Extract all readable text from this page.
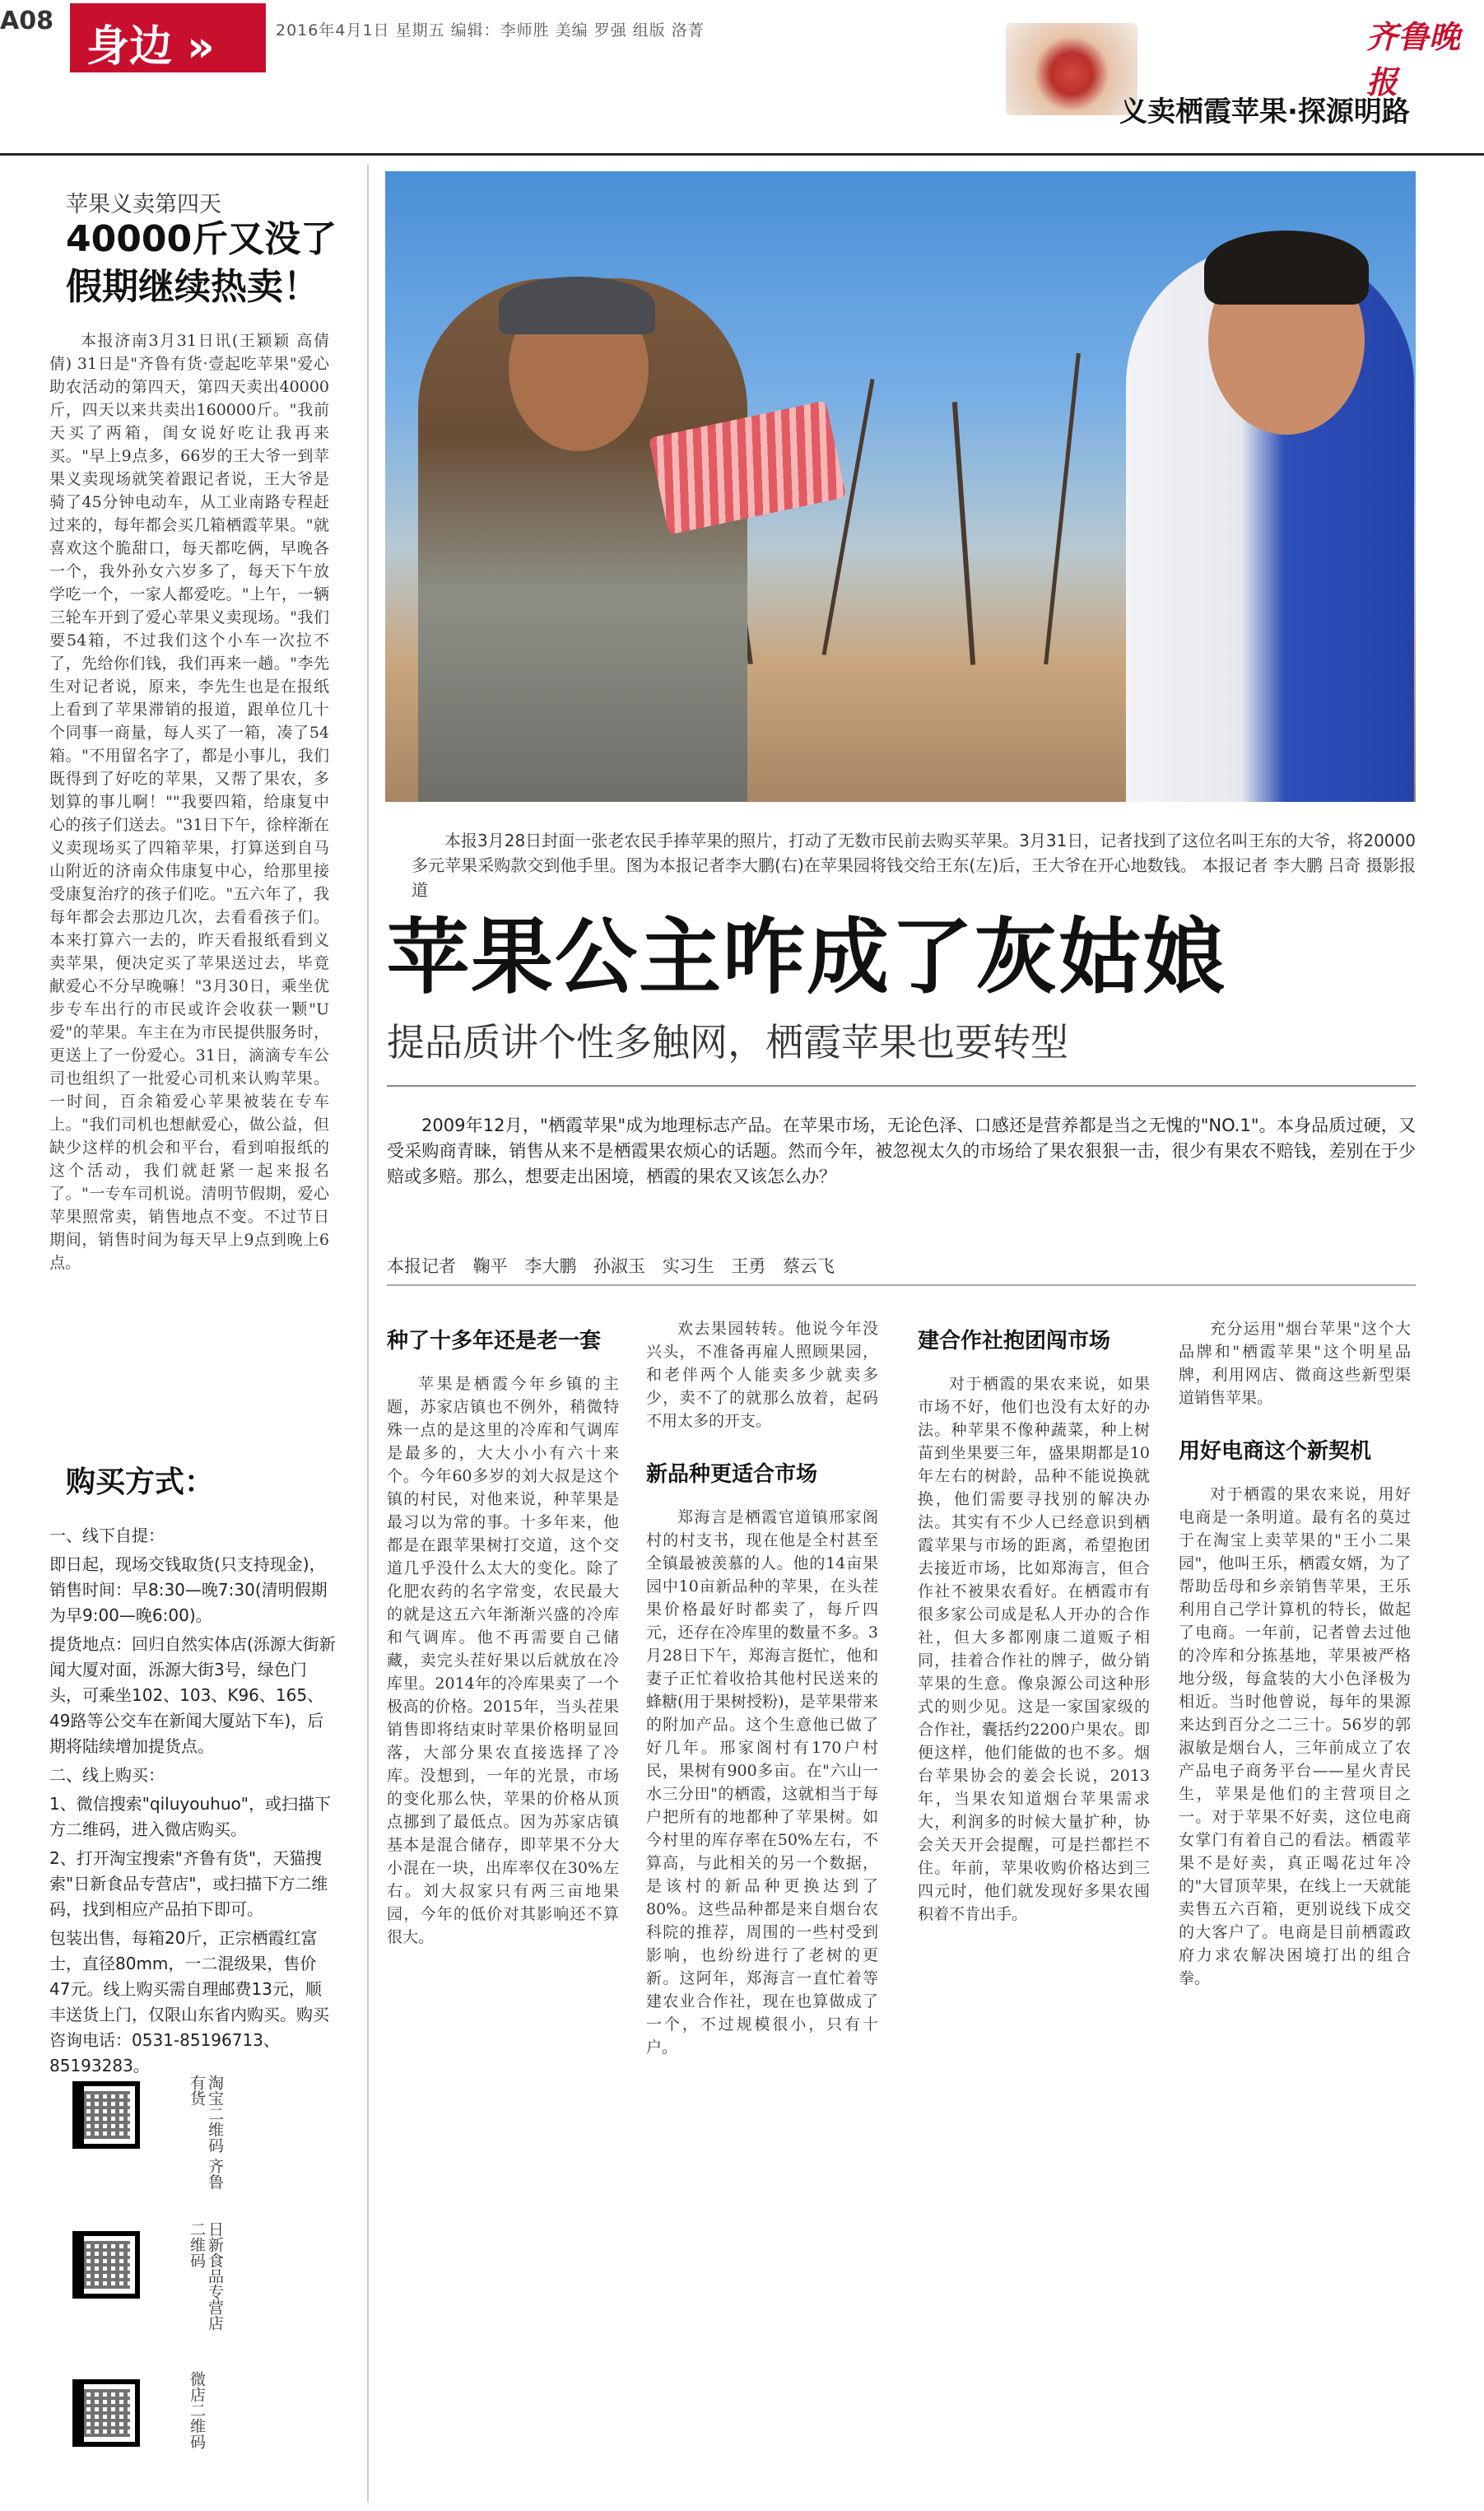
A08
身边 »	2016年4月1日 星期五 编辑：李师胜 美编 罗强 组版 洛菁	齐鲁晚报
义卖栖霞苹果·探源明路
苹果义卖第四天
40000斤又没了 假期继续热卖！
本报济南3月31日讯(王颖颖 高倩倩) 31日是"齐鲁有货·壹起吃苹果"爱心助农活动的第四天，第四天卖出40000斤，四天以来共卖出160000斤。"我前天买了两箱，闺女说好吃让我再来买。"早上9点多，66岁的王大爷一到苹果义卖现场就笑着跟记者说，王大爷是骑了45分钟电动车，从工业南路专程赶过来的，每年都会买几箱栖霞苹果。"就喜欢这个脆甜口，每天都吃俩，早晚各一个，我外孙女六岁多了，每天下午放学吃一个，一家人都爱吃。"上午，一辆三轮车开到了爱心苹果义卖现场。"我们要54箱，不过我们这个小车一次拉不了，先给你们钱，我们再来一趟。"李先生对记者说，原来，李先生也是在报纸上看到了苹果滞销的报道，跟单位几十个同事一商量，每人买了一箱，凑了54箱。"不用留名字了，都是小事儿，我们既得到了好吃的苹果，又帮了果农，多划算的事儿啊！""我要四箱，给康复中心的孩子们送去。"31日下午，徐梓渐在义卖现场买了四箱苹果，打算送到自马山附近的济南众伟康复中心，给那里接受康复治疗的孩子们吃。"五六年了，我每年都会去那边几次，去看看孩子们。本来打算六一去的，昨天看报纸看到义卖苹果，便决定买了苹果送过去，毕竟献爱心不分早晚嘛！"3月30日，乘坐优步专车出行的市民或许会收获一颗"U爱"的苹果。车主在为市民提供服务时，更送上了一份爱心。31日，滴滴专车公司也组织了一批爱心司机来认购苹果。一时间，百余箱爱心苹果被装在专车上。"我们司机也想献爱心，做公益，但缺少这样的机会和平台，看到咱报纸的这个活动，我们就赶紧一起来报名了。"一专车司机说。清明节假期，爱心苹果照常卖，销售地点不变。不过节日期间，销售时间为每天早上9点到晚上6点。
购买方式：

一、线下自提：

即日起，现场交钱取货(只支持现金)，销售时间：早8:30—晚7:30(清明假期为早9:00—晚6:00)。

提货地点：回归自然实体店(泺源大街新闻大厦对面，泺源大街3号，绿色门头，可乘坐102、103、K96、165、49路等公交车在新闻大厦站下车)，后期将陆续增加提货点。

二、线上购买：

1、微信搜索"qiluyouhuo"，或扫描下方二维码，进入微店购买。

2、打开淘宝搜索"齐鲁有货"，天猫搜索"日新食品专营店"，或扫描下方二维码，找到相应产品拍下即可。

包装出售，每箱20斤，正宗栖霞红富士，直径80mm，一二混级果，售价47元。线上购买需自理邮费13元，顺丰送货上门，仅限山东省内购买。购买咨询电话：0531-85196713、85193283。

淘宝二维码 齐鲁有货
日新食品专营店 二维码
微店二维码
本报3月28日封面一张老农民手捧苹果的照片，打动了无数市民前去购买苹果。3月31日，记者找到了这位名叫王东的大爷，将20000多元苹果采购款交到他手里。图为本报记者李大鹏(右)在苹果园将钱交给王东(左)后，王大爷在开心地数钱。 本报记者 李大鹏 吕奇 摄影报道
苹果公主咋成了灰姑娘
提品质讲个性多触网，栖霞苹果也要转型
2009年12月，"栖霞苹果"成为地理标志产品。在苹果市场，无论色泽、口感还是营养都是当之无愧的"NO.1"。本身品质过硬，又受采购商青睐，销售从来不是栖霞果农烦心的话题。然而今年，被忽视太久的市场给了果农狠狠一击，很少有果农不赔钱，差别在于少赔或多赔。那么，想要走出困境，栖霞的果农又该怎么办？
本报记者 鞠平 李大鹏 孙淑玉 实习生 王勇 蔡云飞
种了十多年还是老一套

苹果是栖霞今年乡镇的主题，苏家店镇也不例外，稍微特殊一点的是这里的冷库和气调库是最多的，大大小小有六十来个。今年60多岁的刘大叔是这个镇的村民，对他来说，种苹果是最习以为常的事。十多年来，他都是在跟苹果树打交道，这个交道几乎没什么太大的变化。除了化肥农药的名字常变，农民最大的就是这五六年渐渐兴盛的冷库和气调库。他不再需要自己储藏，卖完头茬好果以后就放在冷库里。2014年的冷库果卖了一个极高的价格。2015年，当头茬果销售即将结束时苹果价格明显回落，大部分果农直接选择了冷库。没想到，一年的光景，市场的变化那么快，苹果的价格从顶点挪到了最低点。因为苏家店镇基本是混合储存，即苹果不分大小混在一块，出库率仅在30%左右。刘大叔家只有两三亩地果园，今年的低价对其影响还不算很大。

欢去果园转转。他说今年没兴头，不准备再雇人照顾果园，和老伴两个人能卖多少就卖多少，卖不了的就那么放着，起码不用太多的开支。

新品种更适合市场

郑海言是栖霞官道镇邢家阁村的村支书，现在他是全村甚至全镇最被羡慕的人。他的14亩果园中10亩新品种的苹果，在头茬果价格最好时都卖了，每斤四元，还存在冷库里的数量不多。3月28日下午，郑海言挺忙，他和妻子正忙着收拾其他村民送来的蜂糖(用于果树授粉)，是苹果带来的附加产品。这个生意他已做了好几年。邢家阁村有170户村民，果树有900多亩。在"六山一水三分田"的栖霞，这就相当于每户把所有的地都种了苹果树。如今村里的库存率在50%左右，不算高，与此相关的另一个数据，是该村的新品种更换达到了80%。这些品种都是来自烟台农科院的推荐，周围的一些村受到影响，也纷纷进行了老树的更新。这阿年，郑海言一直忙着等建农业合作社，现在也算做成了一个，不过规模很小，只有十户。

建合作社抱团闯市场

对于栖霞的果农来说，如果市场不好，他们也没有太好的办法。种苹果不像种蔬菜，种上树苗到坐果要三年，盛果期都是10年左右的树龄，品种不能说换就换，他们需要寻找别的解决办法。其实有不少人已经意识到栖霞苹果与市场的距离，希望抱团去接近市场，比如郑海言，但合作社不被果农看好。在栖霞市有很多家公司成是私人开办的合作社，但大多都刚康二道贩子相同，挂着合作社的牌子，做分销苹果的生意。像泉源公司这种形式的则少见。这是一家国家级的合作社，囊括约2200户果农。即便这样，他们能做的也不多。烟台苹果协会的姜会长说，2013年，当果农知道烟台苹果需求大，利润多的时候大量扩种，协会关天开会提醒，可是拦都拦不住。年前，苹果收购价格达到三四元时，他们就发现好多果农囤积着不肯出手。

充分运用"烟台苹果"这个大品牌和"栖霞苹果"这个明星品牌，利用网店、微商这些新型渠道销售苹果。

用好电商这个新契机

对于栖霞的果农来说，用好电商是一条明道。最有名的莫过于在淘宝上卖苹果的"王小二果园"，他叫王乐，栖霞女婿，为了帮助岳母和乡亲销售苹果，王乐利用自己学计算机的特长，做起了电商。一年前，记者曾去过他的冷库和分拣基地，苹果被严格地分级，每盒装的大小色泽极为相近。当时他曾说，每年的果源来达到百分之二三十。56岁的郭淑敏是烟台人，三年前成立了农产品电子商务平台——星火青民生，苹果是他们的主营项目之一。对于苹果不好卖，这位电商女掌门有着自己的看法。栖霞苹果不是好卖，真正喝花过年冷的"大冒顶苹果，在线上一天就能卖售五六百箱，更别说线下成交的大客户了。电商是目前栖霞政府力求农解决困境打出的组合拳。
